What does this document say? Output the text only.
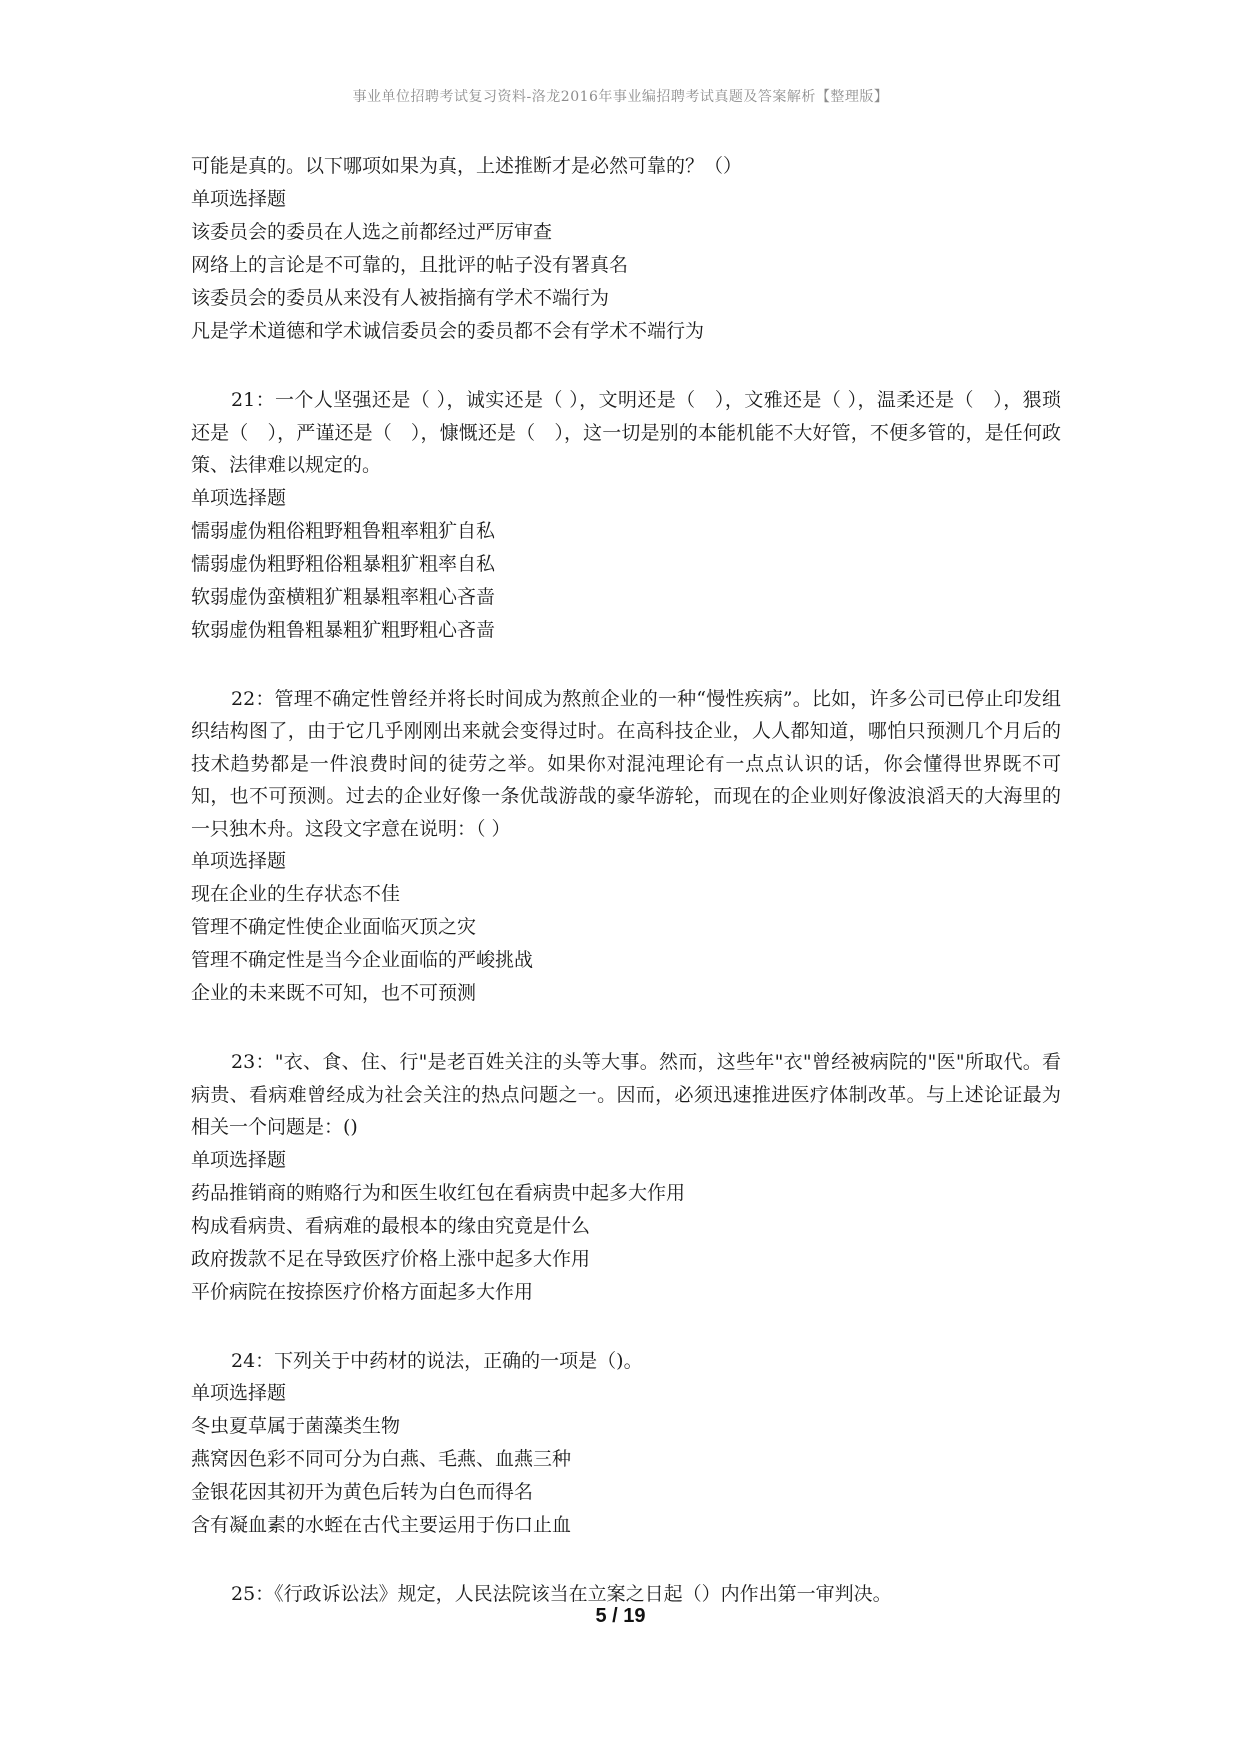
事业单位招聘考试复习资料-洛龙2016年事业编招聘考试真题及答案解析【整理版】
可能是真的。以下哪项如果为真，上述推断才是必然可靠的？（）
单项选择题
该委员会的委员在人选之前都经过严厉审查
网络上的言论是不可靠的，且批评的帖子没有署真名
该委员会的委员从来没有人被指摘有学术不端行为
凡是学术道德和学术诚信委员会的委员都不会有学术不端行为

21：一个人坚强还是（ ），诚实还是（ ），文明还是（　），文雅还是（ ），温柔还是（　），猥琐还是（　），严谨还是（　），慷慨还是（　），这一切是别的本能机能不大好管，不便多管的，是任何政策、法律难以规定的。

单项选择题
懦弱虚伪粗俗粗野粗鲁粗率粗犷自私
懦弱虚伪粗野粗俗粗暴粗犷粗率自私
软弱虚伪蛮横粗犷粗暴粗率粗心吝啬
软弱虚伪粗鲁粗暴粗犷粗野粗心吝啬

22：管理不确定性曾经并将长时间成为熬煎企业的一种“慢性疾病”。比如，许多公司已停止印发组织结构图了，由于它几乎刚刚出来就会变得过时。在高科技企业，人人都知道，哪怕只预测几个月后的技术趋势都是一件浪费时间的徒劳之举。如果你对混沌理论有一点点认识的话，你会懂得世界既不可知，也不可预测。过去的企业好像一条优哉游哉的豪华游轮，而现在的企业则好像波浪滔天的大海里的一只独木舟。这段文字意在说明：（ ）

单项选择题
现在企业的生存状态不佳
管理不确定性使企业面临灭顶之灾
管理不确定性是当今企业面临的严峻挑战
企业的未来既不可知，也不可预测

23："衣、食、住、行"是老百姓关注的头等大事。然而，这些年"衣"曾经被病院的"医"所取代。看病贵、看病难曾经成为社会关注的热点问题之一。因而，必须迅速推进医疗体制改革。与上述论证最为相关一个问题是：()

单项选择题
药品推销商的贿赂行为和医生收红包在看病贵中起多大作用
构成看病贵、看病难的最根本的缘由究竟是什么
政府拨款不足在导致医疗价格上涨中起多大作用
平价病院在按捺医疗价格方面起多大作用

24：下列关于中药材的说法，正确的一项是（)。

单项选择题
冬虫夏草属于菌藻类生物
燕窝因色彩不同可分为白燕、毛燕、血燕三种
金银花因其初开为黄色后转为白色而得名
含有凝血素的水蛭在古代主要运用于伤口止血

25：《行政诉讼法》规定，人民法院该当在立案之日起（）内作出第一审判决。

5 / 19
